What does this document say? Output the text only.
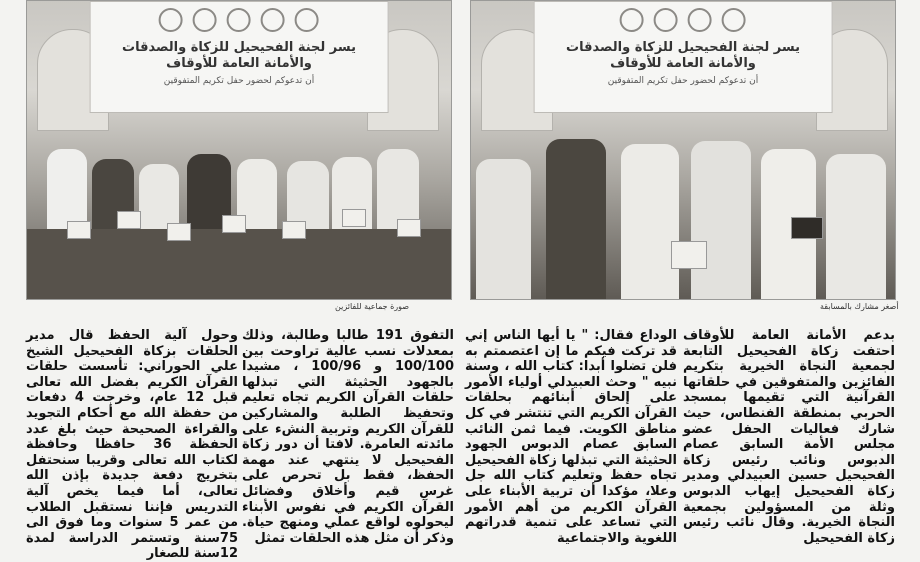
يسر لجنة الفحيحيل للزكاة والصدقات
والأمانة العامة للأوقاف
أن تدعوكم لحضور حفل تكريم المتفوقين
صورة جماعية للفائزين
يسر لجنة الفحيحيل للزكاة والصدقات
والأمانة العامة للأوقاف
أن تدعوكم لحضور حفل تكريم المتفوقين
أصغر مشارك بالمسابقة

بدعم الأمانة العامة للأوقاف احتفت زكاة الفحيحيل التابعة لجمعية النجاة الخيرية بتكريم الفائزين والمتفوقين في حلقاتها القرآنية التي تقيمها بمسجد الحربي بمنطقة الفنطاس، حيث شارك فعاليات الحفل عضو مجلس الأمة السابق عصام الدبوس ونائب رئيس زكاة الفحيحيل حسين العبيدلي ومدير زكاة الفحيحيل إيهاب الدبوس وثلة من المسؤولين بجمعية النجاة الخيرية. وقال نائب رئيس زكاة الفحيحيل

الوداع فقال: " يا أيها الناس إني قد تركت فيكم ما إن اعتصمتم به فلن تضلوا أبدا: كتاب الله ، وسنة نبيه " وحث العبيدلي أولياء الأمور على إلحاق أبنائهم بحلقات القرآن الكريم التي تنتشر في كل مناطق الكويت. فيما ثمن النائب السابق عصام الدبوس الجهود الحثيثة التي تبذلها زكاة الفحيحيل تجاه حفظ وتعليم كتاب الله جل وعلا، مؤكدا أن تربية الأبناء على القرآن الكريم من أهم الأمور التي تساعد على تنمية قدراتهم اللغوية والاجتماعية

التفوق 191 طالبا وطالبة، وذلك بمعدلات نسب عالية تراوحت بين 100/100 و 100/96 ، مشيدا بالجهود الحثيثة التي تبذلها حلقات القرآن الكريم تجاه تعليم وتحفيظ الطلبة والمشاركين للقرآن الكريم وتربية النشء على مائدته العامرة. لافتا أن دور زكاة الفحيحيل لا ينتهي عند مهمة الحفظ، فقط بل تحرص على غرس قيم وأخلاق وفضائل القرآن الكريم في نفوس الأبناء ليحولوه لواقع عملي ومنهج حياة. وذكر أن مثل هذه الحلقات تمثل

وحول آلية الحفظ قال مدير الحلقات بزكاة الفحيحيل الشيخ علي الحوراني: تأسست حلقات القرآن الكريم بفضل الله تعالى قبل 12 عام، وخرجت 4 دفعات من حفظة الله مع أحكام التجويد والقراءة الصحيحة حيث بلغ عدد الحفظة 36 حافظا وحافظة لكتاب الله تعالى وقريبا سنحتفل بتخريج دفعة جديدة بإذن الله تعالى، أما فيما يخص آلية التدريس فإننا نستقبل الطلاب من عمر 5 سنوات وما فوق الى 75سنة وتستمر الدراسة لمدة 12سنة للصغار
